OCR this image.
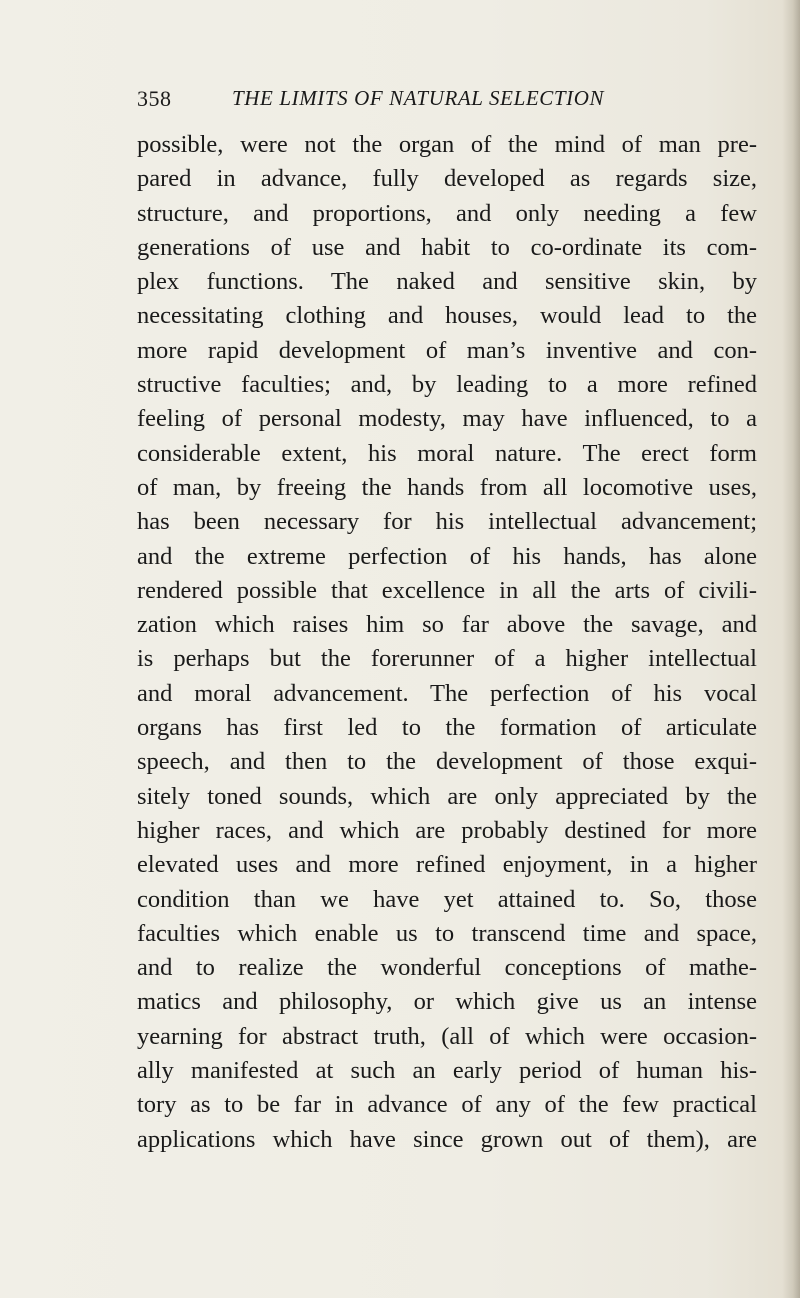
358	THE LIMITS OF NATURAL SELECTION
possible, were not the organ of the mind of man pre-
pared in advance, fully developed as regards size,
structure, and proportions, and only needing a few
generations of use and habit to co-ordinate its com-
plex functions. The naked and sensitive skin, by
necessitating clothing and houses, would lead to the
more rapid development of man’s inventive and con-
structive faculties; and, by leading to a more refined
feeling of personal modesty, may have influenced, to a
considerable extent, his moral nature. The erect form
of man, by freeing the hands from all locomotive uses,
has been necessary for his intellectual advancement;
and the extreme perfection of his hands, has alone
rendered possible that excellence in all the arts of civili-
zation which raises him so far above the savage, and
is perhaps but the forerunner of a higher intellectual
and moral advancement. The perfection of his vocal
organs has first led to the formation of articulate
speech, and then to the development of those exqui-
sitely toned sounds, which are only appreciated by the
higher races, and which are probably destined for more
elevated uses and more refined enjoyment, in a higher
condition than we have yet attained to. So, those
faculties which enable us to transcend time and space,
and to realize the wonderful conceptions of mathe-
matics and philosophy, or which give us an intense
yearning for abstract truth, (all of which were occasion-
ally manifested at such an early period of human his-
tory as to be far in advance of any of the few practical
applications which have since grown out of them), are
